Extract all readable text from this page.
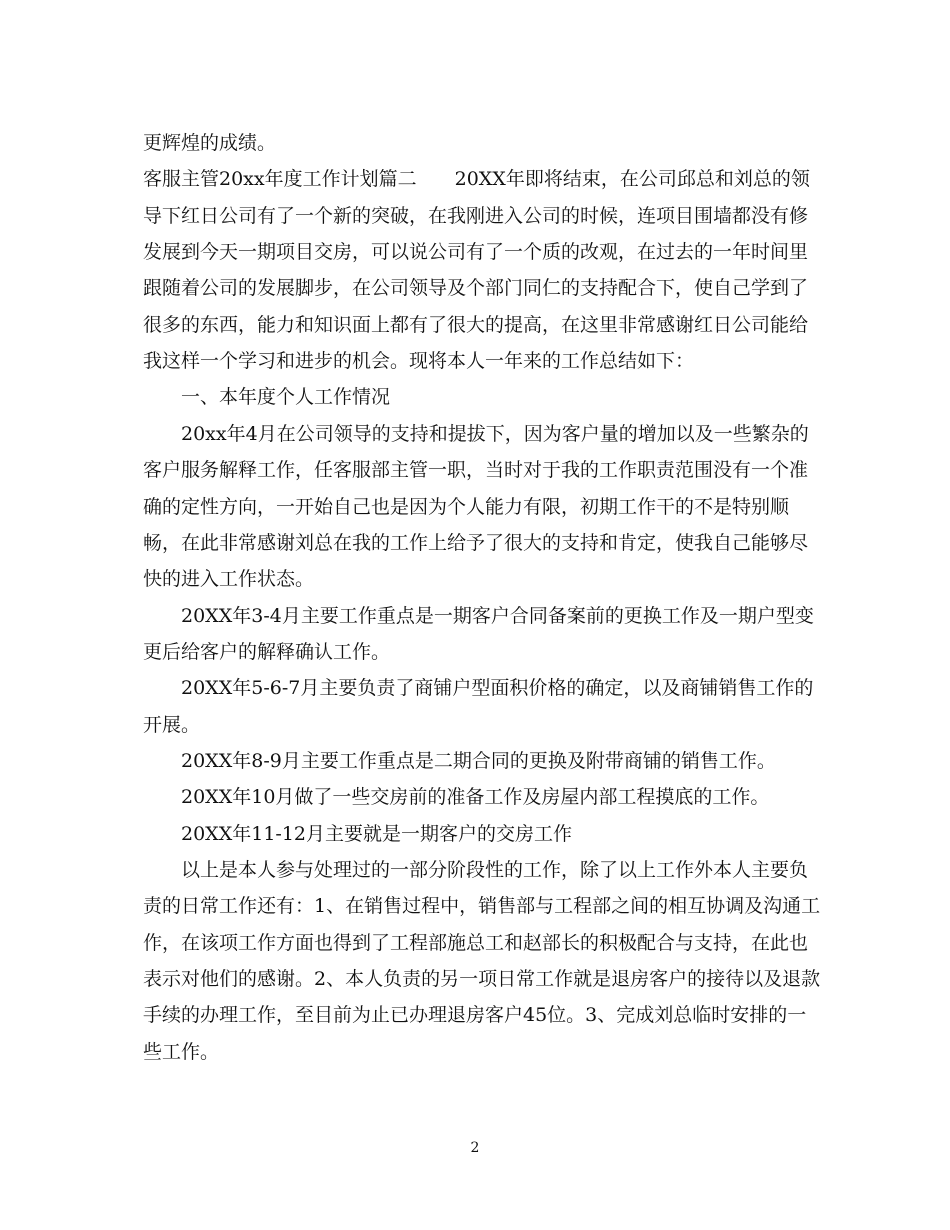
更辉煌的成绩。
客服主管20xx年度工作计划篇二　　20XX年即将结束，在公司邱总和刘总的领
导下红日公司有了一个新的突破，在我刚进入公司的时候，连项目围墙都没有修
发展到今天一期项目交房，可以说公司有了一个质的改观，在过去的一年时间里
跟随着公司的发展脚步，在公司领导及个部门同仁的支持配合下，使自己学到了
很多的东西，能力和知识面上都有了很大的提高，在这里非常感谢红日公司能给
我这样一个学习和进步的机会。现将本人一年来的工作总结如下：
　　一、本年度个人工作情况
　　20xx年4月在公司领导的支持和提拔下，因为客户量的增加以及一些繁杂的
客户服务解释工作，任客服部主管一职，当时对于我的工作职责范围没有一个准
确的定性方向，一开始自己也是因为个人能力有限，初期工作干的不是特别顺
畅，在此非常感谢刘总在我的工作上给予了很大的支持和肯定，使我自己能够尽
快的进入工作状态。
　　20XX年3-4月主要工作重点是一期客户合同备案前的更换工作及一期户型变
更后给客户的解释确认工作。
　　20XX年5-6-7月主要负责了商铺户型面积价格的确定，以及商铺销售工作的
开展。
　　20XX年8-9月主要工作重点是二期合同的更换及附带商铺的销售工作。
　　20XX年10月做了一些交房前的准备工作及房屋内部工程摸底的工作。
　　20XX年11-12月主要就是一期客户的交房工作
　　以上是本人参与处理过的一部分阶段性的工作，除了以上工作外本人主要负
责的日常工作还有：1、在销售过程中，销售部与工程部之间的相互协调及沟通工
作，在该项工作方面也得到了工程部施总工和赵部长的积极配合与支持，在此也
表示对他们的感谢。2、本人负责的另一项日常工作就是退房客户的接待以及退款
手续的办理工作，至目前为止已办理退房客户45位。3、完成刘总临时安排的一
些工作。
2
